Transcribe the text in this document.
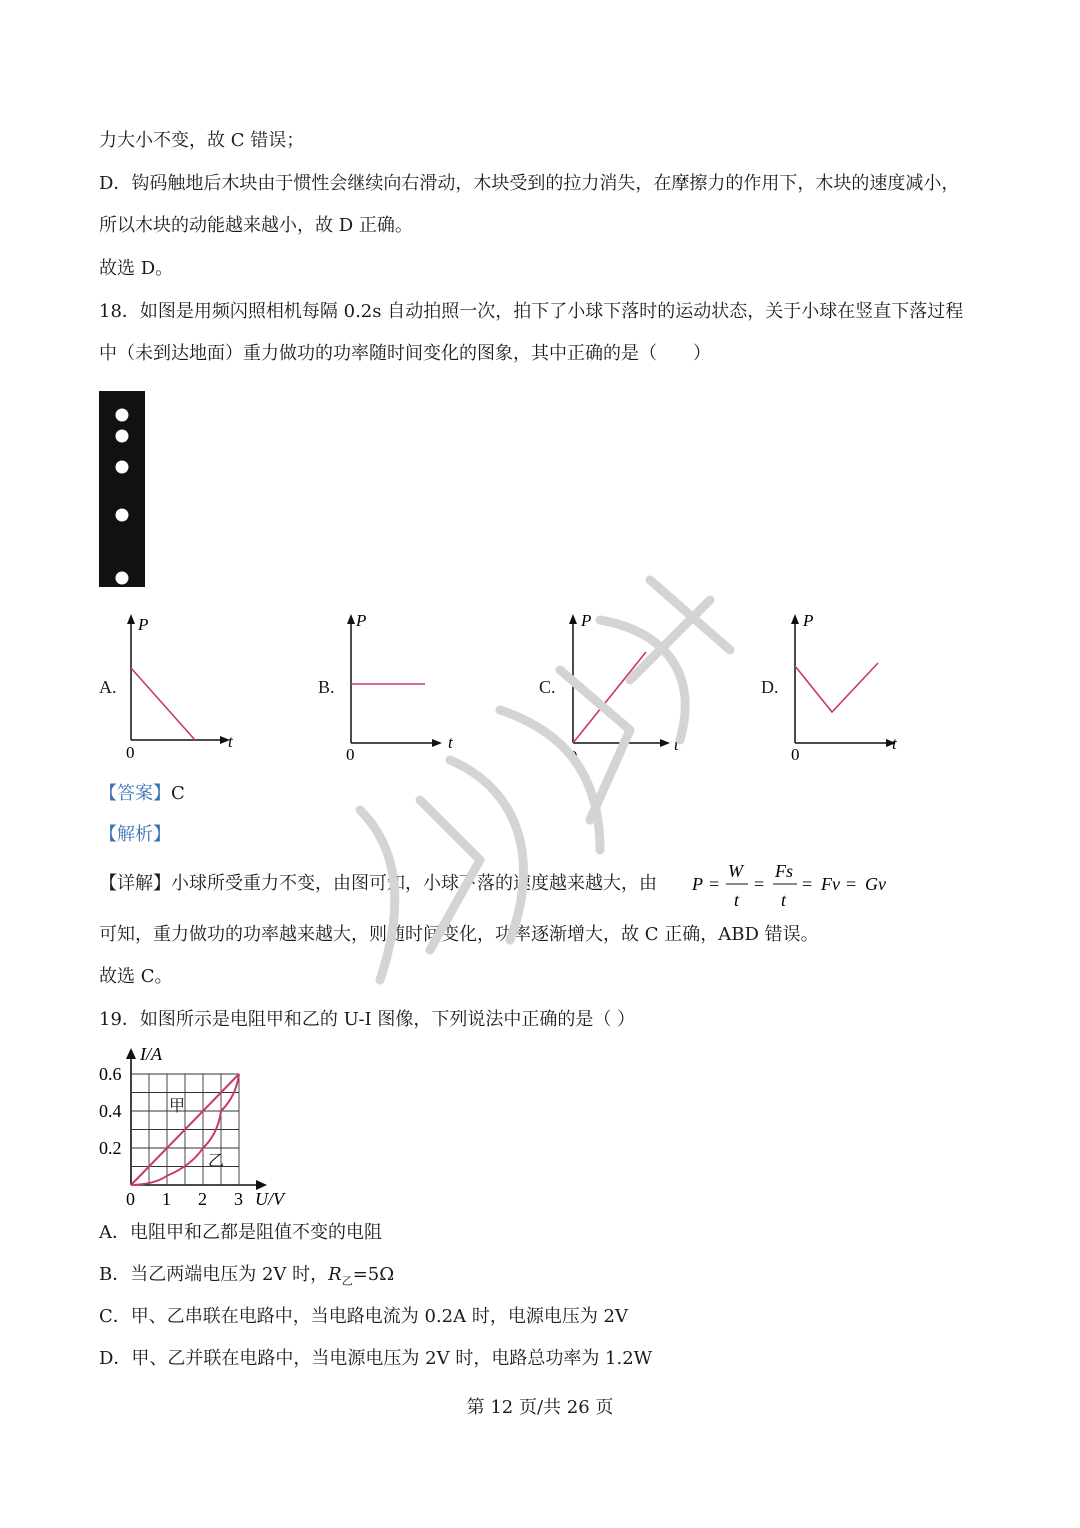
力大小不变，故 C 错误；
D．钩码触地后木块由于惯性会继续向右滑动，木块受到的拉力消失，在摩擦力的作用下，木块的速度减小，
所以木块的动能越来越小，故 D 正确。
故选 D。
18．如图是用频闪照相机每隔 0.2s 自动拍照一次，拍下了小球下落时的运动状态，关于小球在竖直下落过程
中（未到达地面）重力做功的功率随时间变化的图象，其中正确的是（　　）
A.	B.	C.	D.
P
t
0
P
t
0
P
t
0
P
t
0
【答案】C
【解析】
【详解】小球所受重力不变，由图可知，小球下落的速度越来越大，由 P =
W
t
=
Fs
t
= Fv = Gv
可知，重力做功的功率越来越大，则随时间变化，功率逐渐增大，故 C 正确，ABD 错误。
故选 C。
19．如图所示是电阻甲和乙的 U-I 图像，下列说法中正确的是（ ）
I/A
U/V
甲
乙
0 1 2 3
0.2
0.4
0.6
A．电阻甲和乙都是阻值不变的电阻
B．当乙两端电压为 2V 时，$R_乙=5\Omega$
C．甲、乙串联在电路中，当电路电流为 0.2A 时，电源电压为 2V
D．甲、乙并联在电路中，当电源电压为 2V 时，电路总功率为 1.2W
第 12 页/共 26 页
